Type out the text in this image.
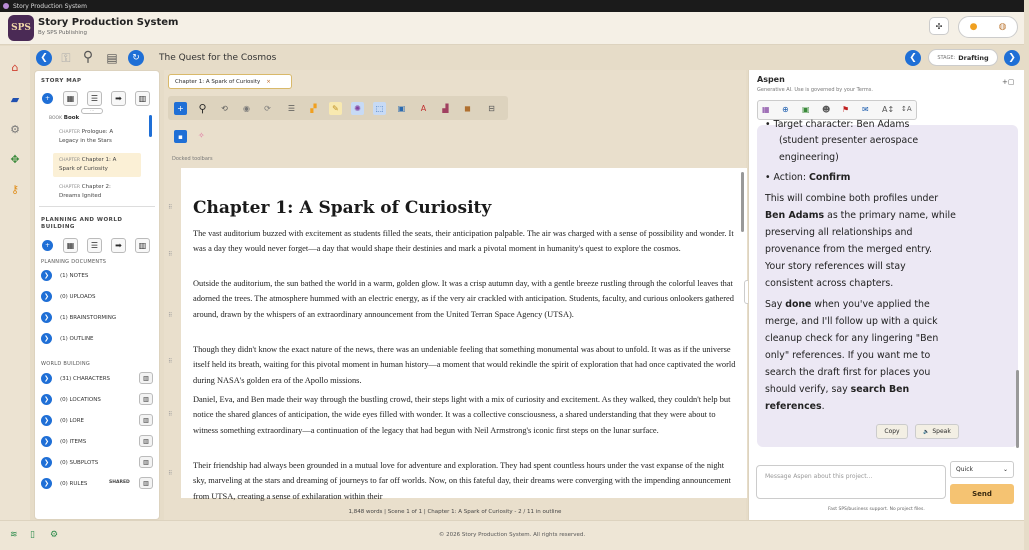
Story Production System
SPS Story Production System
By SPS Publishing
✣	● ◍
⌂
▰
⚙
✥
⚷
❮	⚿ ⚲ ▤	↻	The Quest for the Cosmos	❮	STAGE: Drafting	❯
STORY MAP
+	▦	☰	➡	▥
⋯
BOOK Book
CHAPTER Prologue: A
Legacy in the Stars
CHAPTER Chapter 1: A
Spark of Curiosity
CHAPTER Chapter 2:
Dreams Ignited
PLANNING AND WORLD
BUILDING
+	▦	☰	➡	▥
PLANNING DOCUMENTS
❯	(1) NOTES
❯	(0) UPLOADS
❯	(1) BRAINSTORMING
❯	(1) OUTLINE
WORLD BUILDING
❯	(31) CHARACTERS	▥
❯	(0) LOCATIONS	▥
❯	(0) LORE	▥
❯	(0) ITEMS	▥
❯	(0) SUBPLOTS	▥
❯	(0) RULES	SHARED	▥
Chapter 1: A Spark of Curiosity ×
+ ⚲	⟲	◉	⟳	☰	▞	✎	✺	⬚	▣	A	▟	◼	⊟
▪	✧
Docked toolbars
⠿
⠿
⠿
⠿
⠿
⠿
Chapter 1: A Spark of Curiosity
The vast auditorium buzzed with excitement as students filled the seats, their anticipation palpable. The air was charged with a sense of possibility and wonder. It was a day they would never forget—a day that would shape their destinies and mark a pivotal moment in humanity's quest to explore the cosmos.
Outside the auditorium, the sun bathed the world in a warm, golden glow. It was a crisp autumn day, with a gentle breeze rustling through the colorful leaves that adorned the trees. The atmosphere hummed with an electric energy, as if the very air crackled with anticipation. Students, faculty, and curious onlookers gathered around, drawn by the whispers of an extraordinary announcement from the United Terran Space Agency (UTSA).
Though they didn't know the exact nature of the news, there was an undeniable feeling that something monumental was about to unfold. It was as if the universe itself held its breath, waiting for this pivotal moment in human history—a moment that would rekindle the spirit of exploration that had once captivated the world during NASA's golden era of the Apollo missions.
Daniel, Eva, and Ben made their way through the bustling crowd, their steps light with a mix of curiosity and excitement. As they walked, they couldn't help but notice the shared glances of anticipation, the wide eyes filled with wonder. It was a collective consciousness, a shared understanding that they were about to witness something extraordinary—a continuation of the legacy that had begun with Neil Armstrong's iconic first steps on the lunar surface.
Their friendship had always been grounded in a mutual love for adventure and exploration. They had spent countless hours under the vast expanse of the night sky, marveling at the stars and dreaming of journeys to far off worlds. Now, on this fateful day, their dreams were converging with the impending announcement from UTSA, creating a sense of exhilaration within their
1,848 words | Scene 1 of 1 | Chapter 1: A Spark of Curiosity - 2 / 11 in outline
Aspen
Generative AI. Use is governed by your Terms.
+▢
▦ ⊕ ▣ ☻ ⚑ ✉ A↕ ↕A
• Target character: Ben Adams
(student presenter aerospace
engineering)
• Action: Confirm
This will combine both profiles under
Ben Adams as the primary name, while
preserving all relationships and
provenance from the merged entry.
Your story references will stay
consistent across chapters.
Say done when you've applied the
merge, and I'll follow up with a quick
cleanup check for any lingering "Ben
only" references. If you want me to
search the draft first for places you
should verify, say search Ben
references.
Copy	🔈 Speak
Message Aspen about this project...
Quick	⌄
Send
Fast SPS/business support. No project files.
≋ ▯ ⚙	© 2026 Story Production System. All rights reserved.
